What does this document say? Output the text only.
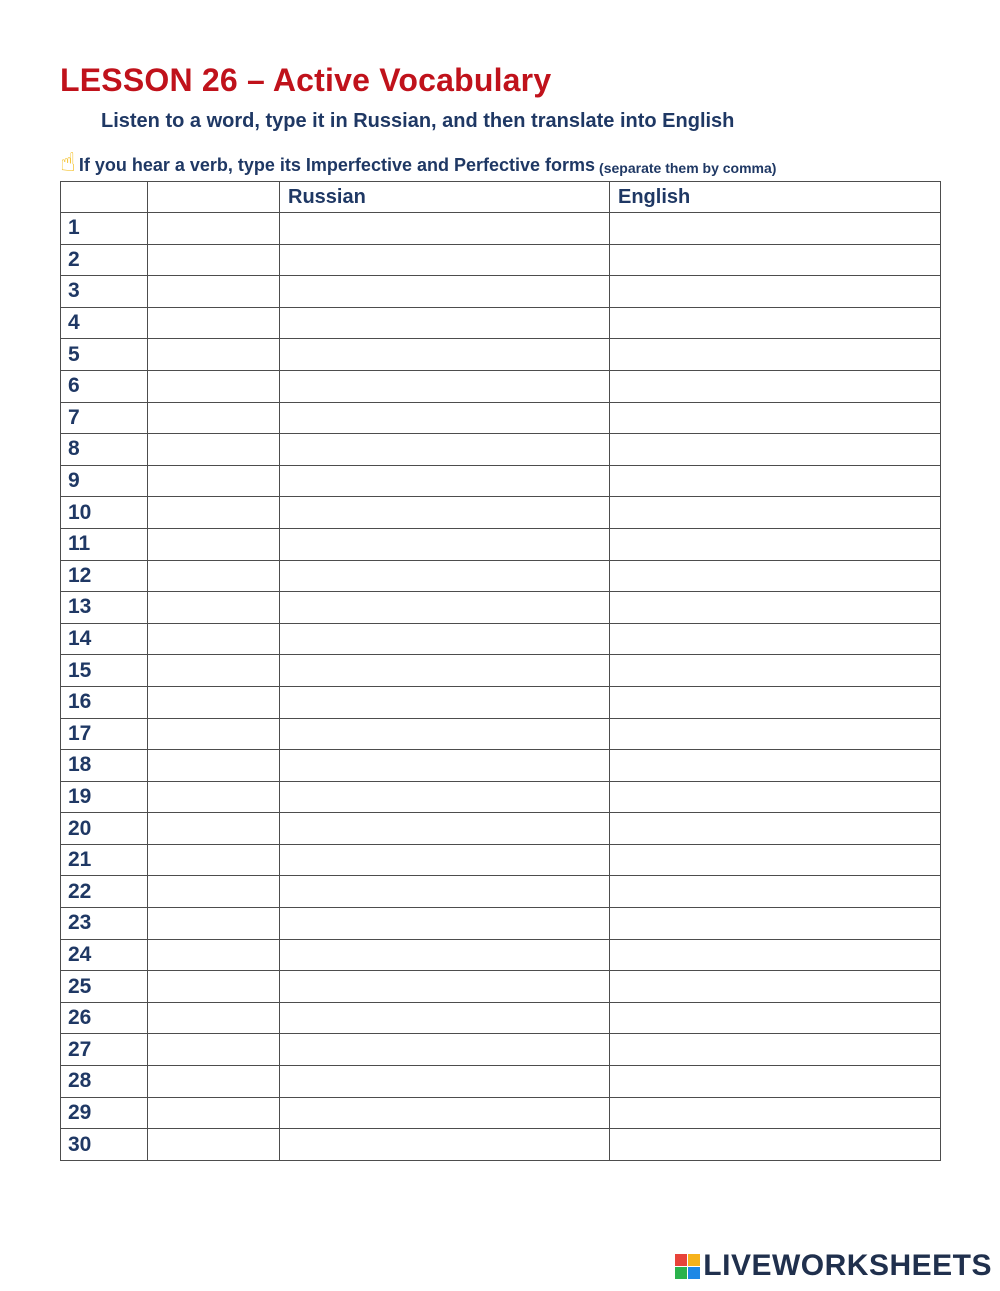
LESSON 26 – Active Vocabulary
Listen to a word, type it in Russian, and then translate into English
☝ If you hear a verb, type its Imperfective and Perfective forms (separate them by comma)
		Russian	English
1			
2			
3			
4			
5			
6			
7			
8			
9			
10			
11			
12			
13			
14			
15			
16			
17			
18			
19			
20			
21			
22			
23			
24			
25			
26			
27			
28			
29			
30			
LIVEWORKSHEETS
